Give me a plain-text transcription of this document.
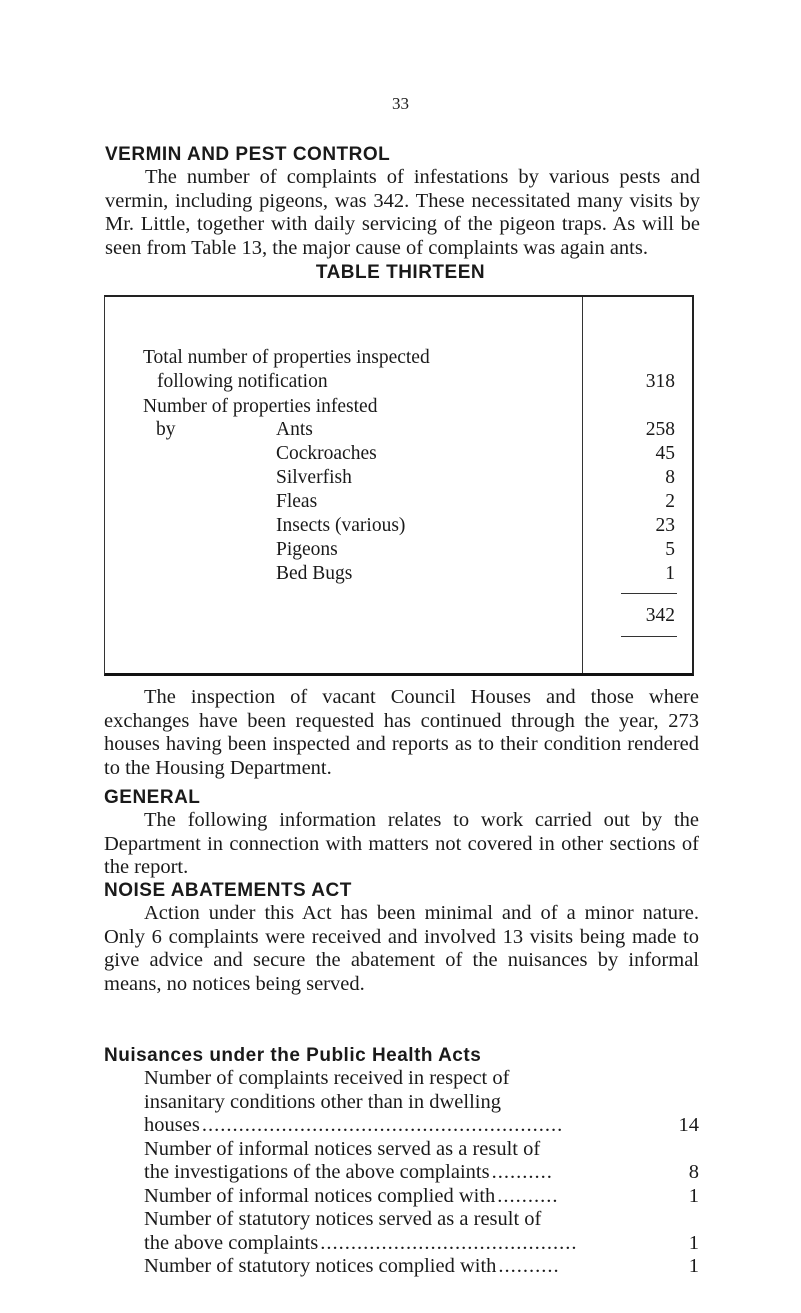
33
VERMIN AND PEST CONTROL

The number of complaints of infestations by various pests and vermin, including pigeons, was 342. These necessitated many visits by Mr. Little, together with daily servicing of the pigeon traps. As will be seen from Table 13, the major cause of complaints was again ants.

TABLE THIRTEEN
Total number of properties inspected
following notification	318
Number of properties infested
by	Ants	258
Cockroaches	45
Silverfish	8
Fleas	2
Insects (various)	23
Pigeons	5
Bed Bugs	1
342

The inspection of vacant Council Houses and those where exchanges have been requested has continued through the year, 273 houses having been inspected and reports as to their condition rendered to the Housing Department.

GENERAL

The following information relates to work carried out by the Department in connection with matters not covered in other sections of the report.

NOISE ABATEMENTS ACT

Action under this Act has been minimal and of a minor nature. Only 6 complaints were received and involved 13 visits being made to give advice and secure the abatement of the nuisances by informal means, no notices being served.

Nuisances under the Public Health Acts
Number of complaints received in respect of
insanitary conditions other than in dwelling
houses ...........................................................	14
Number of informal notices served as a result of
the investigations of the above complaints ..........	8
Number of informal notices complied with ..........	1
Number of statutory notices served as a result of
the above complaints ..........................................	1
Number of statutory notices complied with ..........	1
